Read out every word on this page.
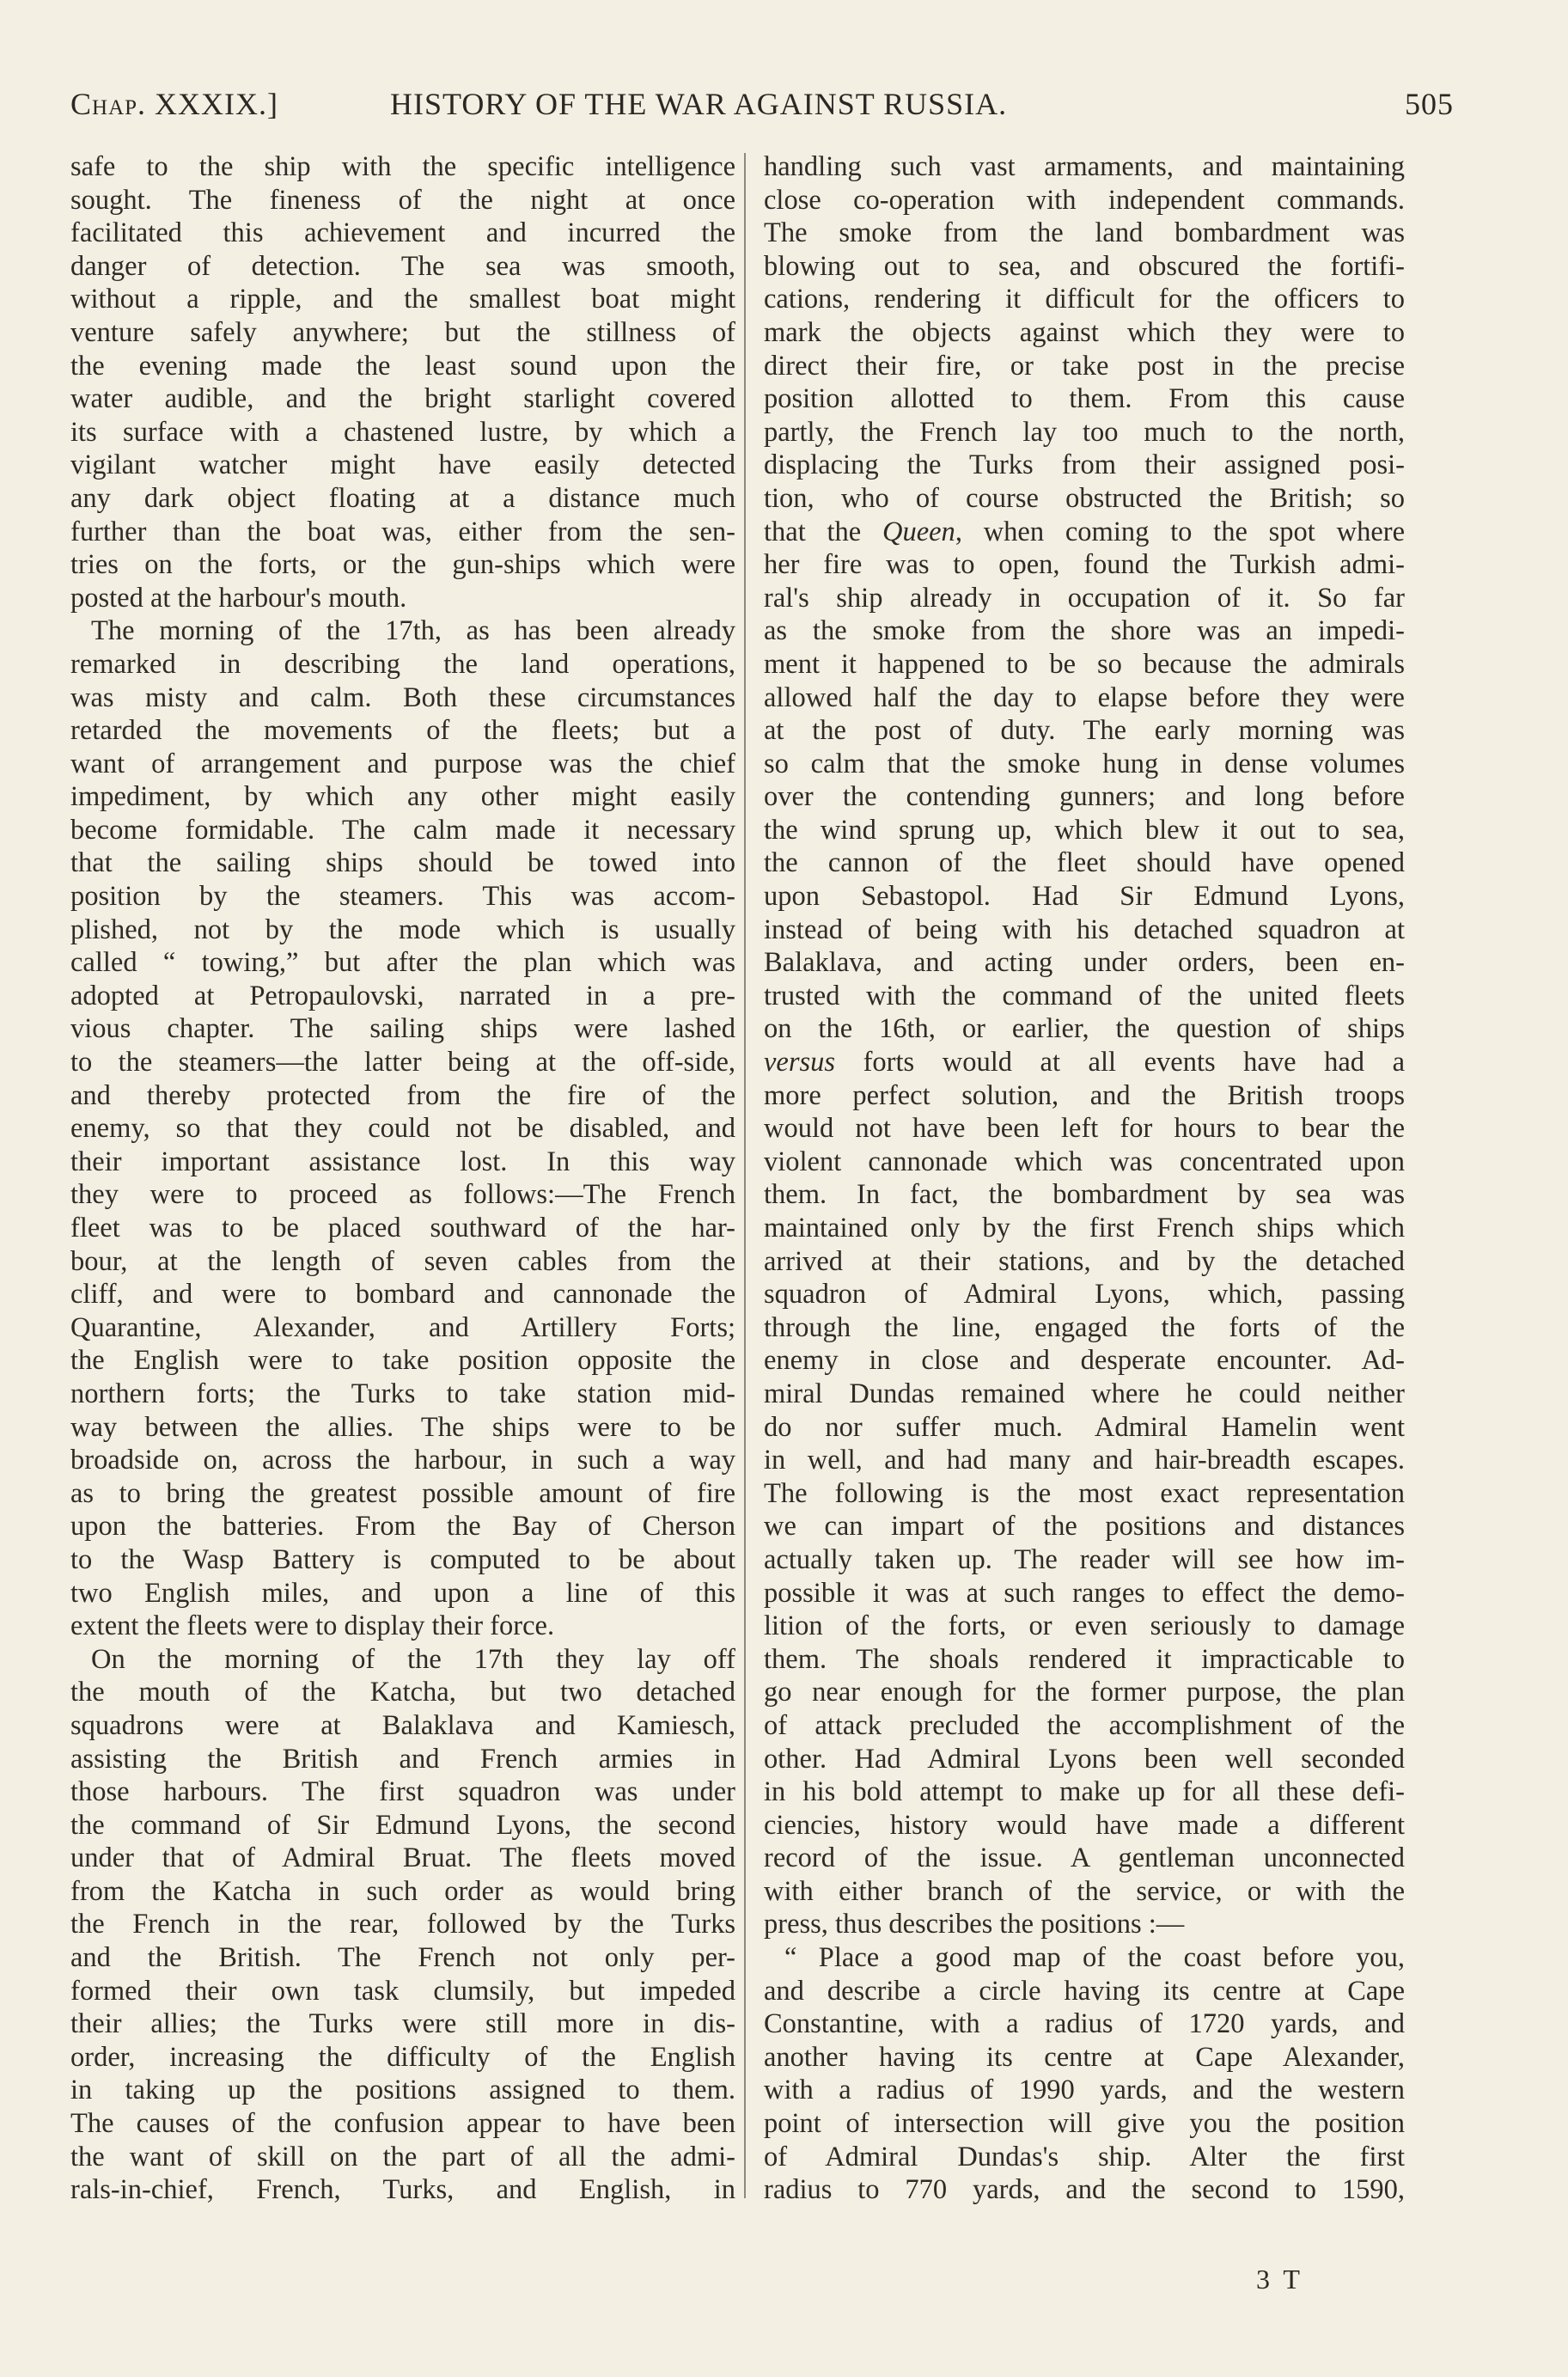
Chap. XXXIX.]	HISTORY OF THE WAR AGAINST RUSSIA.	505
safe to the ship with the specific intelligence
sought. The fineness of the night at once
facilitated this achievement and incurred the
danger of detection. The sea was smooth,
without a ripple, and the smallest boat might
venture safely anywhere; but the stillness of
the evening made the least sound upon the
water audible, and the bright starlight covered
its surface with a chastened lustre, by which a
vigilant watcher might have easily detected
any dark object floating at a distance much
further than the boat was, either from the sen-
tries on the forts, or the gun-ships which were
posted at the harbour's mouth.
The morning of the 17th, as has been already
remarked in describing the land operations,
was misty and calm. Both these circumstances
retarded the movements of the fleets; but a
want of arrangement and purpose was the chief
impediment, by which any other might easily
become formidable. The calm made it necessary
that the sailing ships should be towed into
position by the steamers. This was accom-
plished, not by the mode which is usually
called “ towing,” but after the plan which was
adopted at Petropaulovski, narrated in a pre-
vious chapter. The sailing ships were lashed
to the steamers—the latter being at the off-side,
and thereby protected from the fire of the
enemy, so that they could not be disabled, and
their important assistance lost. In this way
they were to proceed as follows:—The French
fleet was to be placed southward of the har-
bour, at the length of seven cables from the
cliff, and were to bombard and cannonade the
Quarantine, Alexander, and Artillery Forts;
the English were to take position opposite the
northern forts; the Turks to take station mid-
way between the allies. The ships were to be
broadside on, across the harbour, in such a way
as to bring the greatest possible amount of fire
upon the batteries. From the Bay of Cherson
to the Wasp Battery is computed to be about
two English miles, and upon a line of this
extent the fleets were to display their force.
On the morning of the 17th they lay off
the mouth of the Katcha, but two detached
squadrons were at Balaklava and Kamiesch,
assisting the British and French armies in
those harbours. The first squadron was under
the command of Sir Edmund Lyons, the second
under that of Admiral Bruat. The fleets moved
from the Katcha in such order as would bring
the French in the rear, followed by the Turks
and the British. The French not only per-
formed their own task clumsily, but impeded
their allies; the Turks were still more in dis-
order, increasing the difficulty of the English
in taking up the positions assigned to them.
The causes of the confusion appear to have been
the want of skill on the part of all the admi-
rals-in-chief, French, Turks, and English, in
handling such vast armaments, and maintaining
close co-operation with independent commands.
The smoke from the land bombardment was
blowing out to sea, and obscured the fortifi-
cations, rendering it difficult for the officers to
mark the objects against which they were to
direct their fire, or take post in the precise
position allotted to them. From this cause
partly, the French lay too much to the north,
displacing the Turks from their assigned posi-
tion, who of course obstructed the British; so
that the Queen, when coming to the spot where
her fire was to open, found the Turkish admi-
ral's ship already in occupation of it. So far
as the smoke from the shore was an impedi-
ment it happened to be so because the admirals
allowed half the day to elapse before they were
at the post of duty. The early morning was
so calm that the smoke hung in dense volumes
over the contending gunners; and long before
the wind sprung up, which blew it out to sea,
the cannon of the fleet should have opened
upon Sebastopol. Had Sir Edmund Lyons,
instead of being with his detached squadron at
Balaklava, and acting under orders, been en-
trusted with the command of the united fleets
on the 16th, or earlier, the question of ships
versus forts would at all events have had a
more perfect solution, and the British troops
would not have been left for hours to bear the
violent cannonade which was concentrated upon
them. In fact, the bombardment by sea was
maintained only by the first French ships which
arrived at their stations, and by the detached
squadron of Admiral Lyons, which, passing
through the line, engaged the forts of the
enemy in close and desperate encounter. Ad-
miral Dundas remained where he could neither
do nor suffer much. Admiral Hamelin went
in well, and had many and hair-breadth escapes.
The following is the most exact representation
we can impart of the positions and distances
actually taken up. The reader will see how im-
possible it was at such ranges to effect the demo-
lition of the forts, or even seriously to damage
them. The shoals rendered it impracticable to
go near enough for the former purpose, the plan
of attack precluded the accomplishment of the
other. Had Admiral Lyons been well seconded
in his bold attempt to make up for all these defi-
ciencies, history would have made a different
record of the issue. A gentleman unconnected
with either branch of the service, or with the
press, thus describes the positions :—
“ Place a good map of the coast before you,
and describe a circle having its centre at Cape
Constantine, with a radius of 1720 yards, and
another having its centre at Cape Alexander,
with a radius of 1990 yards, and the western
point of intersection will give you the position
of Admiral Dundas's ship. Alter the first
radius to 770 yards, and the second to 1590,
3 T
